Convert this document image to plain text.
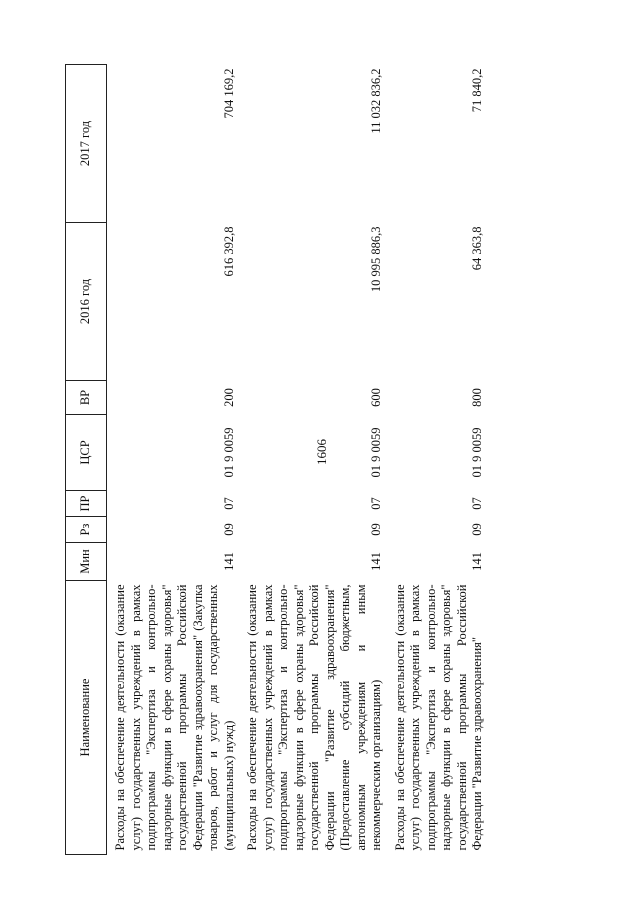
1606
Наименование	Мин	Рз	ПР	ЦСР	ВР	2016 год	2017 год
Расходы на обеспечение деятельности (оказание услуг) государственных учреждений в рамках подпрограммы "Экспертиза и контрольно-надзорные функции в сфере охраны здоровья" государственной программы Российской Федерации "Развитие здравоохранения" (Закупка товаров, работ и услуг для государственных (муниципальных) нужд)	141	09	07	01 9 0059	200	616 392,8	704 169,2
Расходы на обеспечение деятельности (оказание услуг) государственных учреждений в рамках подпрограммы "Экспертиза и контрольно-надзорные функции в сфере охраны здоровья" государственной программы Российской Федерации "Развитие здравоохранения" (Предоставление субсидий бюджетным, автономным учреждениям и иным некоммерческим организациям)	141	09	07	01 9 0059	600	10 995 886,3	11 032 836,2
Расходы на обеспечение деятельности (оказание услуг) государственных учреждений в рамках подпрограммы "Экспертиза и контрольно-надзорные функции в сфере охраны здоровья" государственной программы Российской Федерации "Развитие здравоохранения"	141	09	07	01 9 0059	800	64 363,8	71 840,2
